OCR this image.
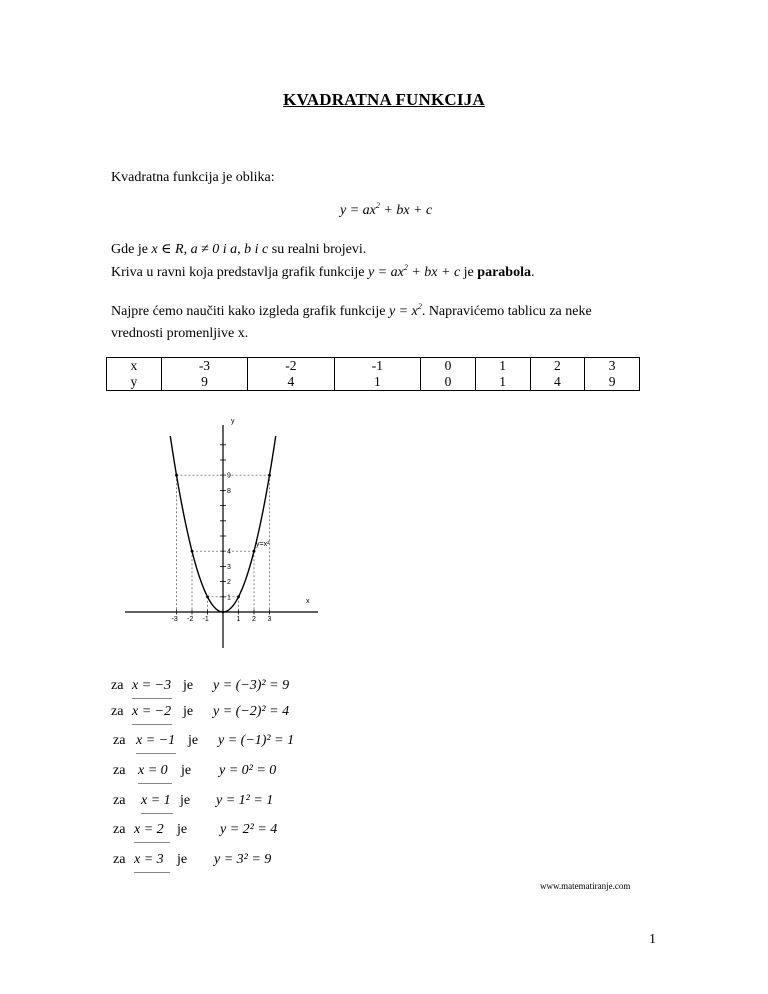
KVADRATNA FUNKCIJA
Kvadratna funkcija je oblika:
$y = ax^2$ + bx + c
Gde je x ∈ R, a ≠ 0 i a, b i c su realni brojevi.
Kriva u ravni koja predstavlja grafik funkcije $y = ax^2$ + bx + c je parabola.
Najpre ćemo naučiti kako izgleda grafik funkcije $y = x^2$. Napravićemo tablicu za neke
vrednosti promenljive x.
x	-3	-2	-1	0	1	2	3
y	9	4	1	0	1	4	9
x
y
1
2
3
4
8
9
-3 -2 -1	1 2 3
y=x²
za x = −3 je y = (−3)² = 9
za x = −2 je y = (−2)² = 4
za x = −1 je y = (−1)² = 1
za x = 0 je y = 0² = 0
za x = 1 je y = 1² = 1
za x = 2 je y = 2² = 4
za x = 3 je y = 3² = 9
www.matematiranje.com
1
